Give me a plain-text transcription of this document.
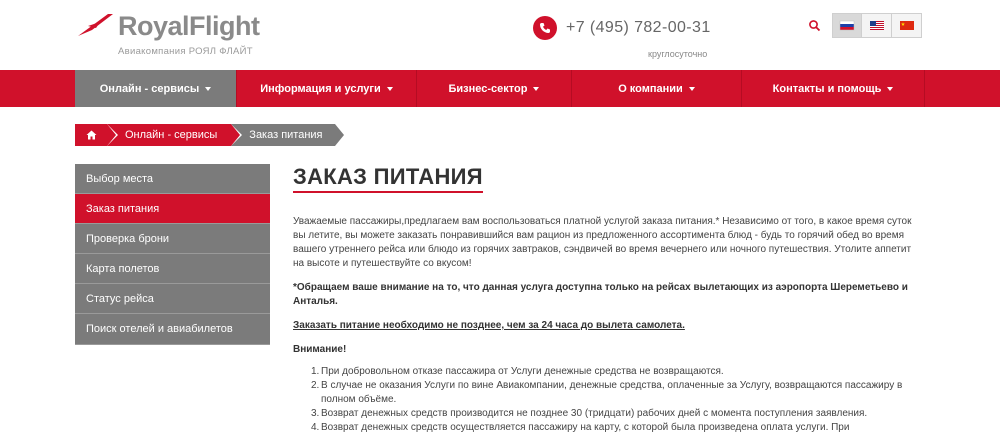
RoyalFlight
Авиакомпания РОЯЛ ФЛАЙТ
+7 (495) 782-00-31
круглосуточно
Онлайн - сервисы	Информация и услуги	Бизнес-сектор	О компании	Контакты и помощь
Онлайн - сервисы	Заказ питания
Выбор места
Заказ питания
Проверка брони
Карта полетов
Статус рейса
Поиск отелей и авиабилетов
ЗАКАЗ ПИТАНИЯ

Уважаемые пассажиры,предлагаем вам воспользоваться платной услугой заказа питания.* Независимо от того, в какое время суток вы летите, вы можете заказать понравившийся вам рацион из предложенного ассортимента блюд - будь то горячий обед во время вашего утреннего рейса или блюдо из горячих завтраков, сэндвичей во время вечернего или ночного путешествия. Утолите аппетит на высоте и путешествуйте со вкусом!

*Обращаем ваше внимание на то, что данная услуга доступна только на рейсах вылетающих из аэропорта Шереметьево и Анталья.

Заказать питание необходимо не позднее, чем за 24 часа до вылета самолета.

Внимание!

1. При добровольном отказе пассажира от Услуги денежные средства не возвращаются.
2. В случае не оказания Услуги по вине Авиакомпании, денежные средства, оплаченные за Услугу, возвращаются пассажиру в полном объёме.
3. Возврат денежных средств производится не позднее 30 (тридцати) рабочих дней с момента поступления заявления.
4. Возврат денежных средств осуществляется пассажиру на карту, с которой была произведена оплата услуги. При
